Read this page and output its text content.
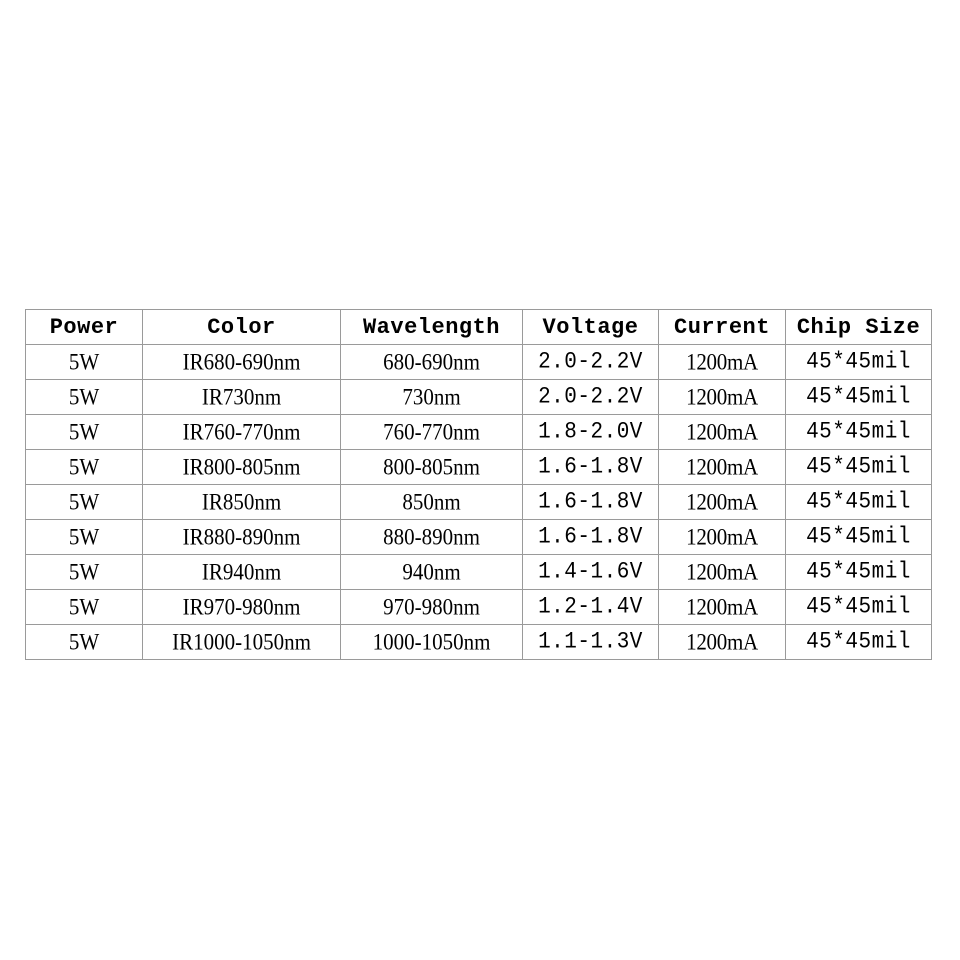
Power	Color	Wavelength	Voltage	Current	Chip Size
5W	IR680-690nm	680-690nm	2.0-2.2V	1200mA	45*45mil
5W	IR730nm	730nm	2.0-2.2V	1200mA	45*45mil
5W	IR760-770nm	760-770nm	1.8-2.0V	1200mA	45*45mil
5W	IR800-805nm	800-805nm	1.6-1.8V	1200mA	45*45mil
5W	IR850nm	850nm	1.6-1.8V	1200mA	45*45mil
5W	IR880-890nm	880-890nm	1.6-1.8V	1200mA	45*45mil
5W	IR940nm	940nm	1.4-1.6V	1200mA	45*45mil
5W	IR970-980nm	970-980nm	1.2-1.4V	1200mA	45*45mil
5W	IR1000-1050nm	1000-1050nm	1.1-1.3V	1200mA	45*45mil
